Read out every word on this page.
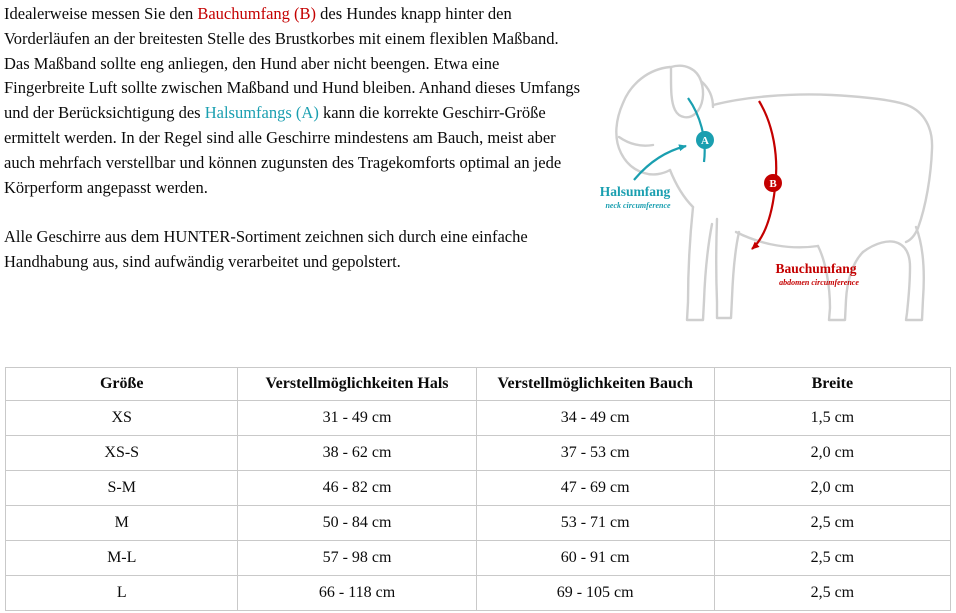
Idealerweise messen Sie den Bauchumfang (B) des Hundes knapp hinter den Vorderläufen an der breitesten Stelle des Brustkorbes mit einem flexiblen Maßband. Das Maßband sollte eng anliegen, den Hund aber nicht beengen. Etwa eine Fingerbreite Luft sollte zwischen Maßband und Hund bleiben. Anhand dieses Umfangs und der Berücksichtigung des Halsumfangs (A) kann die korrekte Geschirr-Größe ermittelt werden. In der Regel sind alle Geschirre mindestens am Bauch, meist aber auch mehrfach verstellbar und können zugunsten des Tragekomforts optimal an jede Körperform angepasst werden.

Alle Geschirre aus dem HUNTER-Sortiment zeichnen sich durch eine einfache Handhabung aus, sind aufwändig verarbeitet und gepolstert.

A
Halsumfang
neck circumference
B
Bauchumfang
abdomen circumference
Größe	Verstellmöglichkeiten Hals	Verstellmöglichkeiten Bauch	Breite
XS	31 - 49 cm	34 - 49 cm	1,5 cm
XS-S	38 - 62 cm	37 - 53 cm	2,0 cm
S-M	46 - 82 cm	47 - 69 cm	2,0 cm
M	50 - 84 cm	53 - 71 cm	2,5 cm
M-L	57 - 98 cm	60 - 91 cm	2,5 cm
L	66 - 118 cm	69 - 105 cm	2,5 cm
